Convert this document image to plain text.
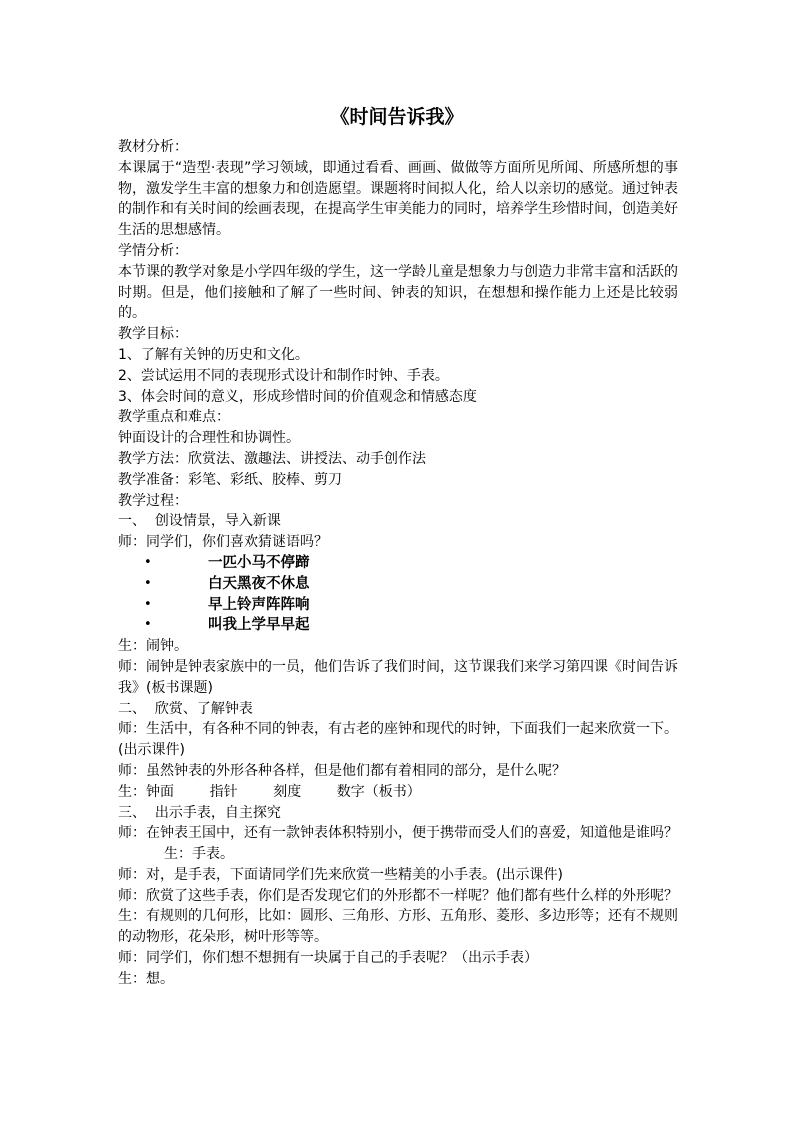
《时间告诉我》

教材分析：

本课属于“造型·表现”学习领域，即通过看看、画画、做做等方面所见所闻、所感所想的事物，激发学生丰富的想象力和创造愿望。课题将时间拟人化，给人以亲切的感觉。通过钟表的制作和有关时间的绘画表现，在提高学生审美能力的同时，培养学生珍惜时间，创造美好生活的思想感情。

学情分析：

本节课的教学对象是小学四年级的学生，这一学龄儿童是想象力与创造力非常丰富和活跃的时期。但是，他们接触和了解了一些时间、钟表的知识，在想想和操作能力上还是比较弱的。

教学目标：

1、了解有关钟的历史和文化。

2、尝试运用不同的表现形式设计和制作时钟、手表。

3、体会时间的意义，形成珍惜时间的价值观念和情感态度

教学重点和难点：

钟面设计的合理性和协调性。

教学方法：欣赏法、激趣法、讲授法、动手创作法

教学准备：彩笔、彩纸、胶棒、剪刀

教学过程：

一、  创设情景，导入新课

师：同学们，你们喜欢猜谜语吗？

•	一匹小马不停蹄
•	白天黑夜不休息
•	早上铃声阵阵响
•	叫我上学早早起

生：闹钟。

师：闹钟是钟表家族中的一员，他们告诉了我们时间，这节课我们来学习第四课《时间告诉我》(板书课题)

二、  欣赏、了解钟表

师：生活中，有各种不同的钟表，有古老的座钟和现代的时钟，下面我们一起来欣赏一下。(出示课件)

师：虽然钟表的外形各种各样，但是他们都有着相同的部分，是什么呢？

生：钟面        指针        刻度        数字（板书）

三、  出示手表，自主探究

师：在钟表王国中，还有一款钟表体积特别小，便于携带而受人们的喜爱，知道他是谁吗？生：手表。

师：对，是手表，下面请同学们先来欣赏一些精美的小手表。(出示课件)

师：欣赏了这些手表，你们是否发现它们的外形都不一样呢？他们都有些什么样的外形呢？

生：有规则的几何形，比如：圆形、三角形、方形、五角形、菱形、多边形等；还有不规则的动物形，花朵形，树叶形等等。

师：同学们，你们想不想拥有一块属于自己的手表呢？（出示手表）

生：想。
